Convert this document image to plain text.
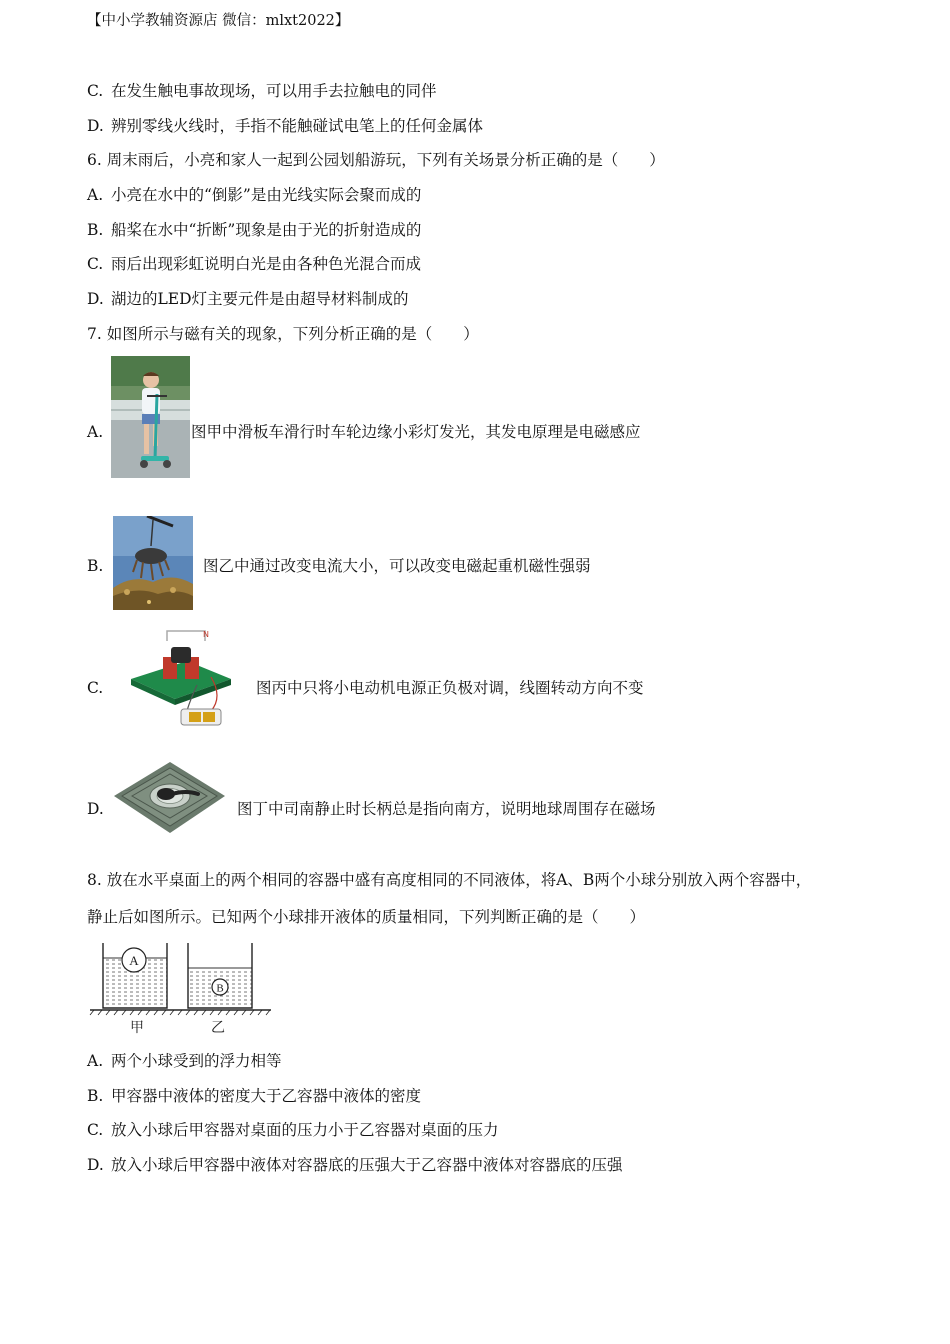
【中小学教辅资源店 微信：mlxt2022】
C. 在发生触电事故现场，可以用手去拉触电的同伴
D. 辨别零线火线时，手指不能触碰试电笔上的任何金属体
6. 周末雨后，小亮和家人一起到公园划船游玩，下列有关场景分析正确的是（　　）
A. 小亮在水中的“倒影”是由光线实际会聚而成的
B. 船桨在水中“折断”现象是由于光的折射造成的
C. 雨后出现彩虹说明白光是由各种色光混合而成
D. 湖边的LED灯主要元件是由超导材料制成的
7. 如图所示与磁有关的现象，下列分析正确的是（　　）
A.	图甲中滑板车滑行时车轮边缘小彩灯发光，其发电原理是电磁感应
B.	图乙中通过改变电流大小，可以改变电磁起重机磁性强弱
C.
N
图丙中只将小电动机电源正负极对调，线圈转动方向不变
D.	图丁中司南静止时长柄总是指向南方，说明地球周围存在磁场
8. 放在水平桌面上的两个相同的容器中盛有高度相同的不同液体，将A、B两个小球分别放入两个容器中，
静止后如图所示。已知两个小球排开液体的质量相同，下列判断正确的是（　　）
A
B
甲	乙
A. 两个小球受到的浮力相等
B. 甲容器中液体的密度大于乙容器中液体的密度
C. 放入小球后甲容器对桌面的压力小于乙容器对桌面的压力
D. 放入小球后甲容器中液体对容器底的压强大于乙容器中液体对容器底的压强
